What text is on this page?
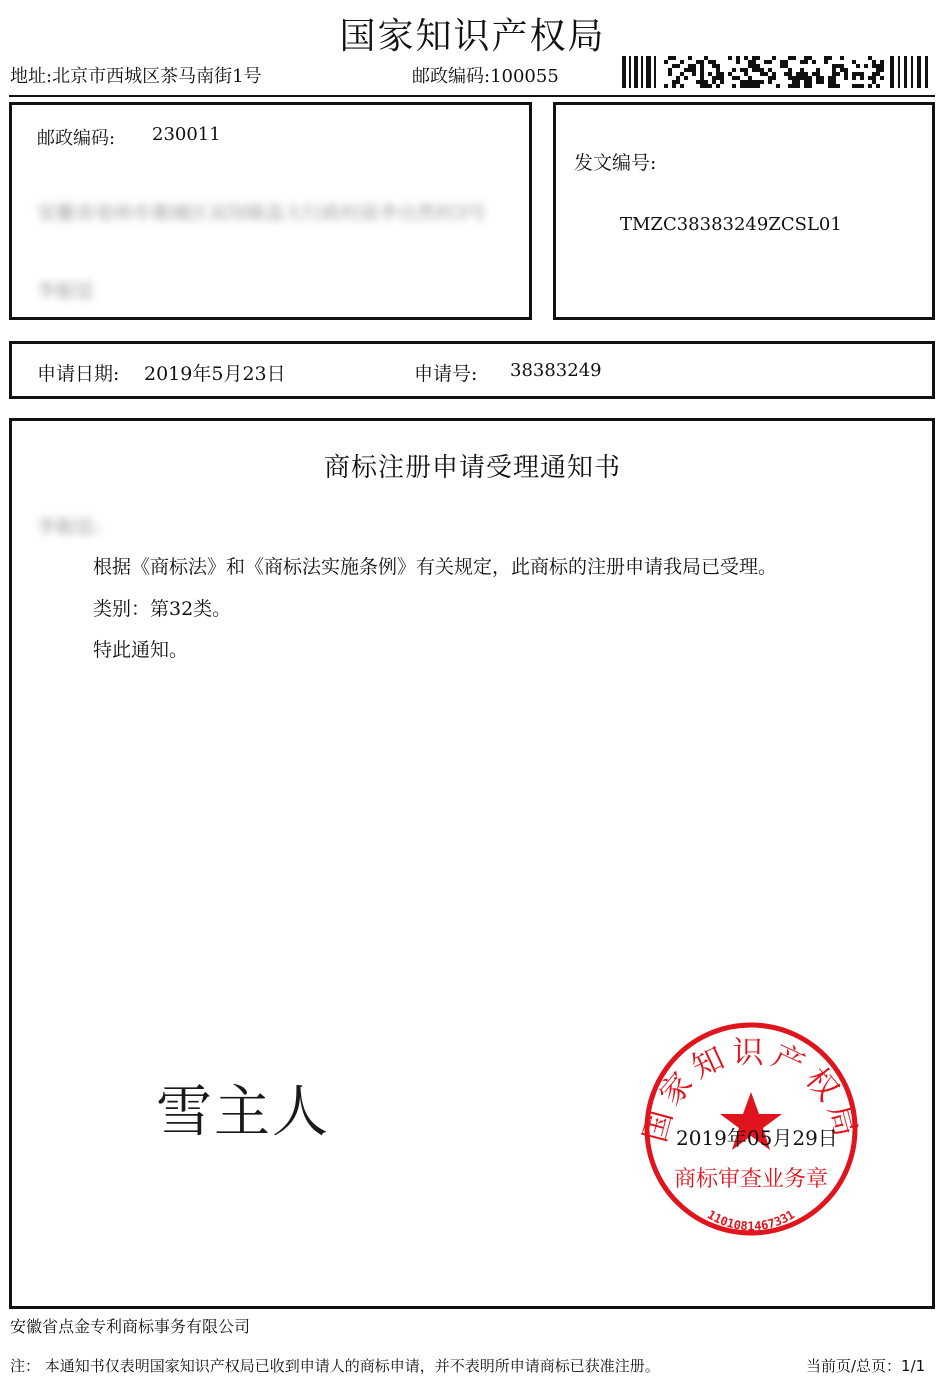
国家知识产权局
地址:北京市西城区茶马南街1号	邮政编码:100055
邮政编码: 230011
安徽省亳州市谯城区双沟镇盖大行政村前李自然村3号
李振廷
发文编号:
TMZC38383249ZCSL01
申请日期: 2019年5月23日	申请号: 38383249
商标注册申请受理通知书
李振廷:
根据《商标法》和《商标法实施条例》有关规定，此商标的注册申请我局已受理。
类别：第32类。
特此通知。
雪主人	国家知识产权局
商标审查业务章
1101081467331
2019年05月29日
安徽省点金专利商标事务有限公司
注： 本通知书仅表明国家知识产权局已收到申请人的商标申请，并不表明所申请商标已获准注册。	当前页/总页：1/1
